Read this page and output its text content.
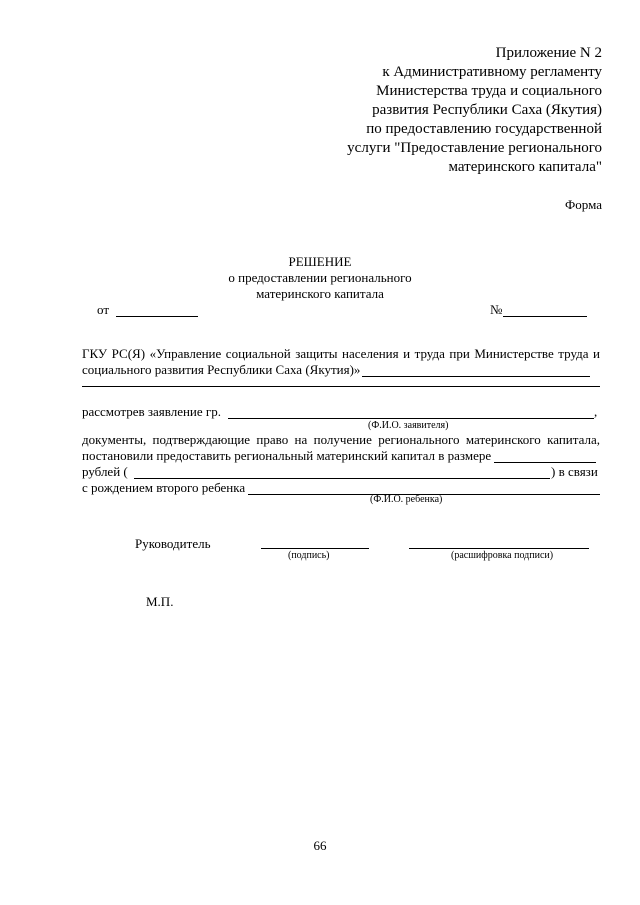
Приложение N 2
к Административному регламенту
Министерства труда и социального
развития Республики Саха (Якутия)
по предоставлению государственной
услуги "Предоставление регионального
материнского капитала"
Форма
РЕШЕНИЕ
о предоставлении регионального
материнского капитала
от	№
ГКУ РС(Я) «Управление социальной защиты населения и труда при Министерстве труда и
социального развития Республики Саха (Якутия)»
рассмотрев заявление гр.	,
(Ф.И.О. заявителя)
документы, подтверждающие право на получение регионального материнского капитала,
постановили предоставить региональный материнский капитал в размере
рублей (	) в связи
с рождением второго ребенка
(Ф.И.О. ребенка)
Руководитель
(подпись)	(расшифровка подписи)
М.П.
66
